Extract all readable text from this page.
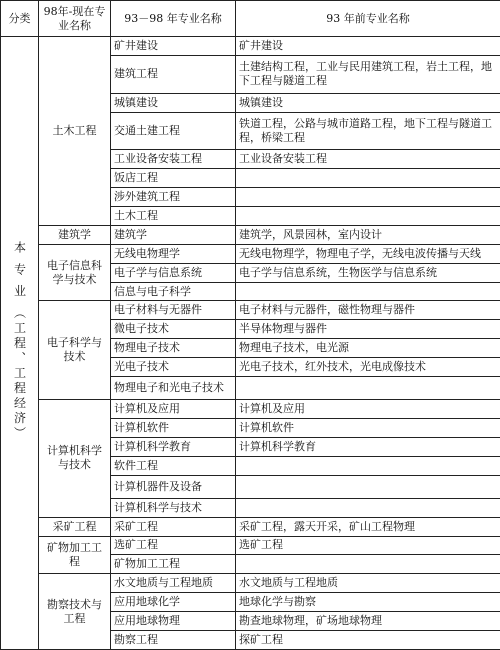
分类	98年-现在专业名称	93－98 年专业名称	93 年前专业名称
本 专 业 （工程、工程经济）	土木工程	矿井建设	矿井建设
		建筑工程	土建结构工程，工业与民用建筑工程，岩土工程，地下工程与隧道工程
		城镇建设	城镇建设
		交通土建工程	铁道工程，公路与城市道路工程，地下工程与隧道工程，桥梁工程
		工业设备安装工程	工业设备安装工程
		饭店工程	
		涉外建筑工程	
		土木工程	
	建筑学	建筑学	建筑学，风景园林，室内设计
	电子信息科学与技术	无线电物理学	无线电物理学，物理电子学，无线电波传播与天线
		电子学与信息系统	电子学与信息系统，生物医学与信息系统
		信息与电子科学	
	电子科学与技术	电子材料与无器件	电子材料与元器件，磁性物理与器件
		微电子技术	半导体物理与器件
		物理电子技术	物理电子技术，电光源
		光电子技术	光电子技术，红外技术，光电成像技术
		物理电子和光电子技术	
	计算机科学与技术	计算机及应用	计算机及应用
		计算机软件	计算机软件
		计算机科学教育	计算机科学教育
		软件工程	
		计算机器件及设备	
		计算机科学与技术	
	采矿工程	采矿工程	采矿工程，露天开采，矿山工程物理
	矿物加工工程	选矿工程	选矿工程
		矿物加工工程	
	勘察技术与工程	水文地质与工程地质	水文地质与工程地质
		应用地球化学	地球化学与勘察
		应用地球物理	勘查地球物理，矿场地球物理
		勘察工程	探矿工程
